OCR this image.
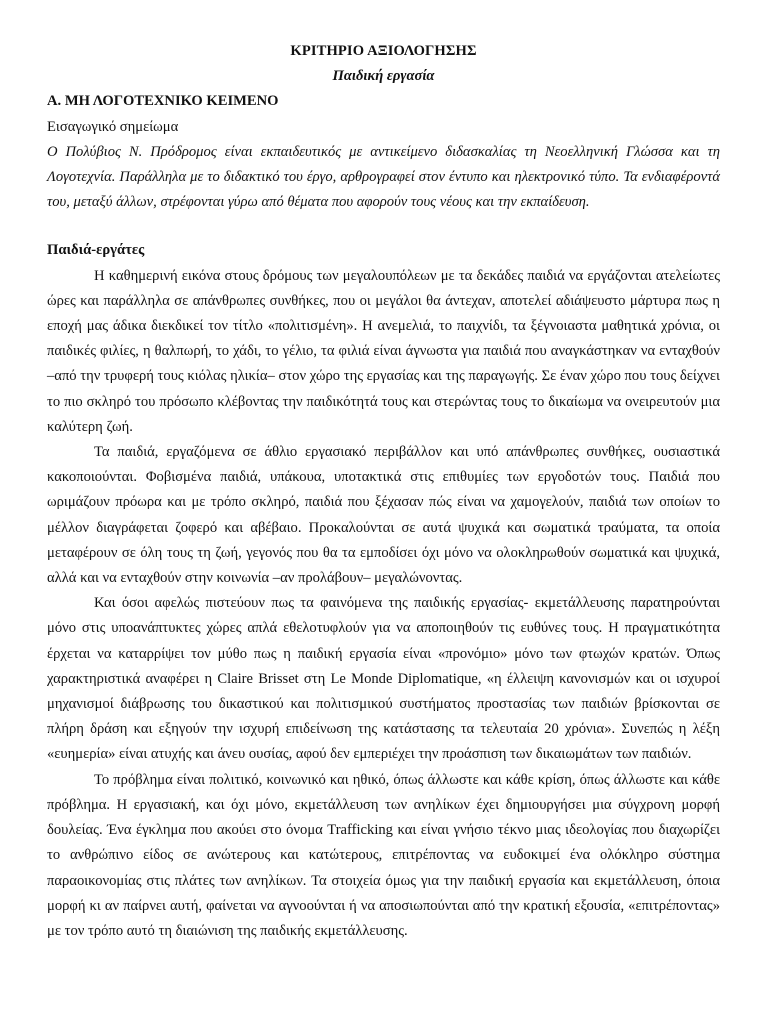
ΚΡΙΤΗΡΙΟ ΑΞΙΟΛΟΓΗΣΗΣ

Παιδική εργασία

Α. ΜΗ ΛΟΓΟΤΕΧΝΙΚΟ ΚΕΙΜΕΝΟ

Εισαγωγικό σημείωμα

Ο Πολύβιος Ν. Πρόδρομος είναι εκπαιδευτικός με αντικείμενο διδασκαλίας τη Νεοελληνική Γλώσσα και τη Λογοτεχνία. Παράλληλα με το διδακτικό του έργο, αρθρογραφεί στον έντυπο και ηλεκτρονικό τύπο. Τα ενδιαφέροντά του, μεταξύ άλλων, στρέφονται γύρω από θέματα που αφορούν τους νέους και την εκπαίδευση.

Παιδιά-εργάτες

Η καθημερινή εικόνα στους δρόμους των μεγαλουπόλεων με τα δεκάδες παιδιά να εργάζονται ατελείωτες ώρες και παράλληλα σε απάνθρωπες συνθήκες, που οι μεγάλοι θα άντεχαν, αποτελεί αδιάψευστο μάρτυρα πως η εποχή μας άδικα διεκδικεί τον τίτλο «πολιτισμένη». Η ανεμελιά, το παιχνίδι, τα ξέγνοιαστα μαθητικά χρόνια, οι παιδικές φιλίες, η θαλπωρή, το χάδι, το γέλιο, τα φιλιά είναι άγνωστα για παιδιά που αναγκάστηκαν να ενταχθούν –από την τρυφερή τους κιόλας ηλικία– στον χώρο της εργασίας και της παραγωγής. Σε έναν χώρο που τους δείχνει το πιο σκληρό του πρόσωπο κλέβοντας την παιδικότητά τους και στερώντας τους το δικαίωμα να ονειρευτούν μια καλύτερη ζωή.

Τα παιδιά, εργαζόμενα σε άθλιο εργασιακό περιβάλλον και υπό απάνθρωπες συνθήκες, ουσιαστικά κακοποιούνται. Φοβισμένα παιδιά, υπάκουα, υποτακτικά στις επιθυμίες των εργοδοτών τους. Παιδιά που ωριμάζουν πρόωρα και με τρόπο σκληρό, παιδιά που ξέχασαν πώς είναι να χαμογελούν, παιδιά των οποίων το μέλλον διαγράφεται ζοφερό και αβέβαιο. Προκαλούνται σε αυτά ψυχικά και σωματικά τραύματα, τα οποία μεταφέρουν σε όλη τους τη ζωή, γεγονός που θα τα εμποδίσει όχι μόνο να ολοκληρωθούν σωματικά και ψυχικά, αλλά και να ενταχθούν στην κοινωνία –αν προλάβουν– μεγαλώνοντας.

Και όσοι αφελώς πιστεύουν πως τα φαινόμενα της παιδικής εργασίας- εκμετάλλευσης παρατηρούνται μόνο στις υποανάπτυκτες χώρες απλά εθελοτυφλούν για να αποποιηθούν τις ευθύνες τους. Η πραγματικότητα έρχεται να καταρρίψει τον μύθο πως η παιδική εργασία είναι «προνόμιο» μόνο των φτωχών κρατών. Όπως χαρακτηριστικά αναφέρει η Claire Brisset στη Le Monde Diplomatique, «η έλλειψη κανονισμών και οι ισχυροί μηχανισμοί διάβρωσης του δικαστικού και πολιτισμικού συστήματος προστασίας των παιδιών βρίσκονται σε πλήρη δράση και εξηγούν την ισχυρή επιδείνωση της κατάστασης τα τελευταία 20 χρόνια». Συνεπώς η λέξη «ευημερία» είναι ατυχής και άνευ ουσίας, αφού δεν εμπεριέχει την προάσπιση των δικαιωμάτων των παιδιών.

Το πρόβλημα είναι πολιτικό, κοινωνικό και ηθικό, όπως άλλωστε και κάθε κρίση, όπως άλλωστε και κάθε πρόβλημα. Η εργασιακή, και όχι μόνο, εκμετάλλευση των ανηλίκων έχει δημιουργήσει μια σύγχρονη μορφή δουλείας. Ένα έγκλημα που ακούει στο όνομα Trafficking και είναι γνήσιο τέκνο μιας ιδεολογίας που διαχωρίζει το ανθρώπινο είδος σε ανώτερους και κατώτερους, επιτρέποντας να ευδοκιμεί ένα ολόκληρο σύστημα παραοικονομίας στις πλάτες των ανηλίκων. Τα στοιχεία όμως για την παιδική εργασία και εκμετάλλευση, όποια μορφή κι αν παίρνει αυτή, φαίνεται να αγνοούνται ή να αποσιωπούνται από την κρατική εξουσία, «επιτρέποντας» με τον τρόπο αυτό τη διαιώνιση της παιδικής εκμετάλλευσης.
